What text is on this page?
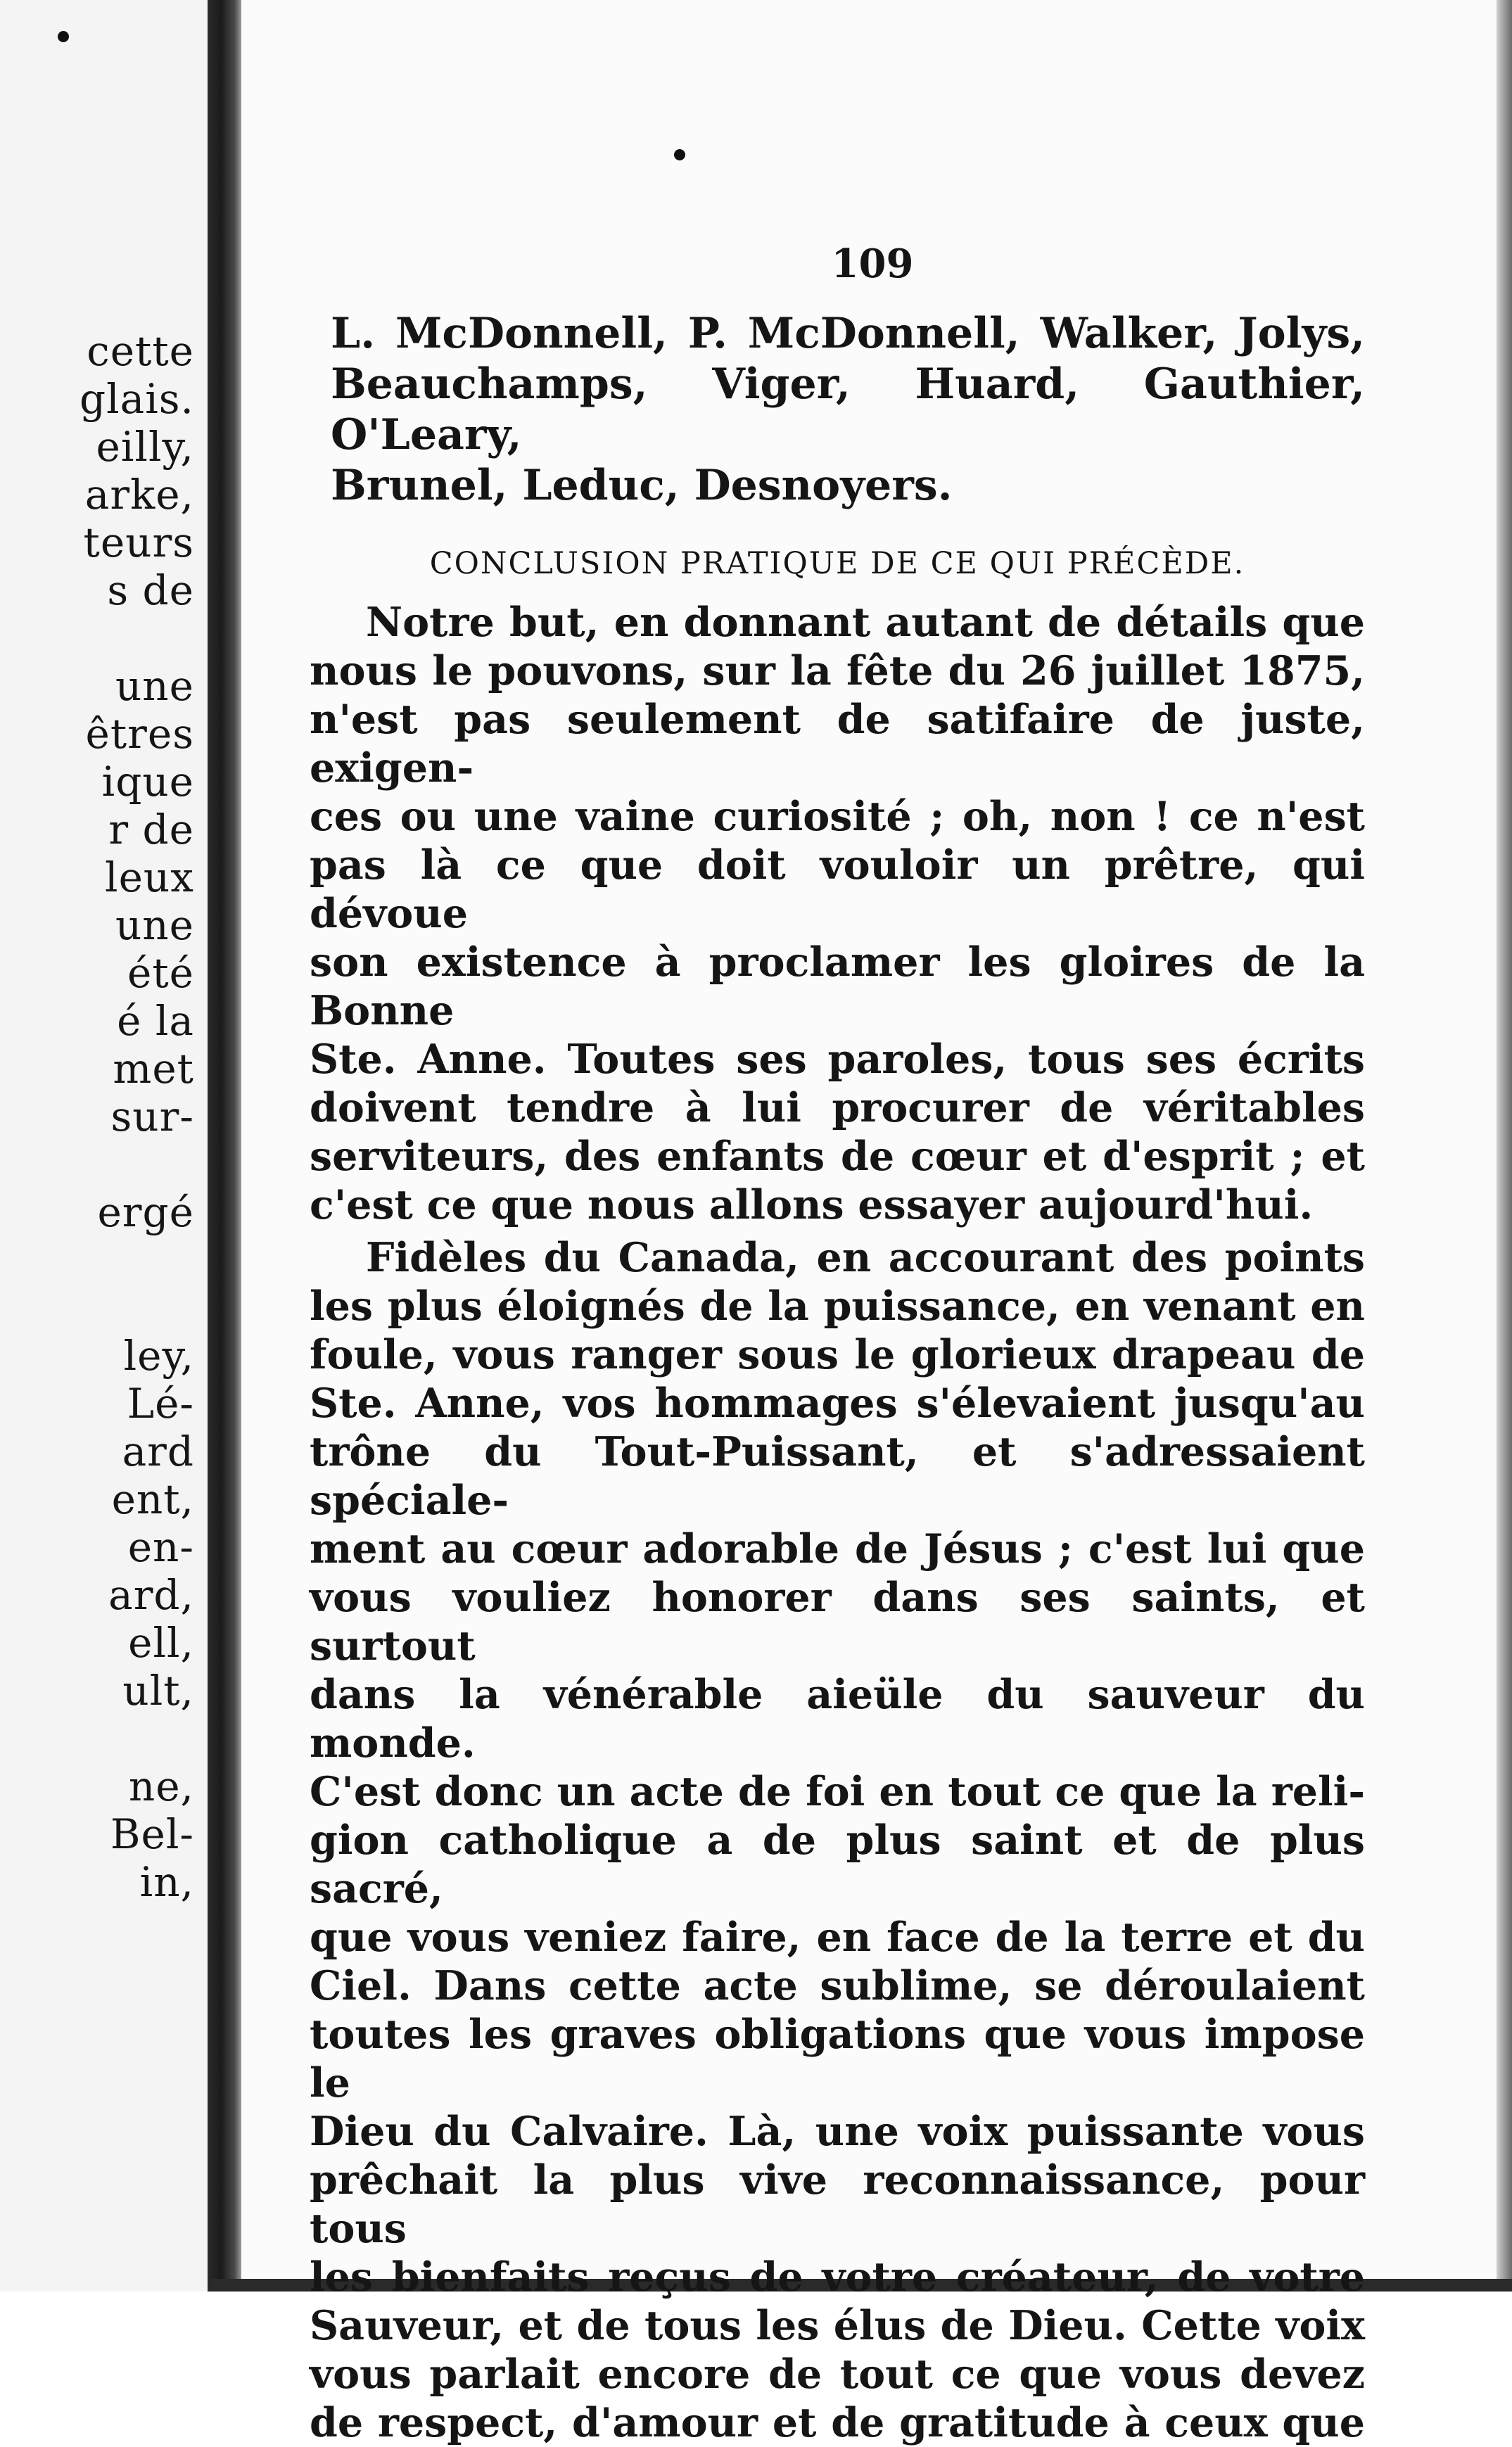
cette
glais.
eilly,
arke,
teurs
s de
une
êtres
ique
r de
leux
une
été
é la
met
sur-
ergé
ley,
Lé-
ard
ent,
en-
ard,
ell,
ult,
ne,
Bel-
in,
109
L. McDonnell, P. McDonnell, Walker, Jolys,
Beauchamps, Viger, Huard, Gauthier, O'Leary,
Brunel, Leduc, Desnoyers.
CONCLUSION PRATIQUE DE CE QUI PRÉCÈDE.
Notre but, en donnant autant de détails que
nous le pouvons, sur la fête du 26 juillet 1875,
n'est pas seulement de satifaire de juste, exigen-
ces ou une vaine curiosité ; oh, non ! ce n'est
pas là ce que doit vouloir un prêtre, qui dévoue
son existence à proclamer les gloires de la Bonne
Ste. Anne. Toutes ses paroles, tous ses écrits
doivent tendre à lui procurer de véritables
serviteurs, des enfants de cœur et d'esprit ; et
c'est ce que nous allons essayer aujourd'hui.
Fidèles du Canada, en accourant des points
les plus éloignés de la puissance, en venant en
foule, vous ranger sous le glorieux drapeau de
Ste. Anne, vos hommages s'élevaient jusqu'au
trône du Tout-Puissant, et s'adressaient spéciale-
ment au cœur adorable de Jésus ; c'est lui que
vous vouliez honorer dans ses saints, et surtout
dans la vénérable aieüle du sauveur du monde.
C'est donc un acte de foi en tout ce que la reli-
gion catholique a de plus saint et de plus sacré,
que vous veniez faire, en face de la terre et du
Ciel. Dans cette acte sublime, se déroulaient
toutes les graves obligations que vous impose le
Dieu du Calvaire. Là, une voix puissante vous
prêchait la plus vive reconnaissance, pour tous
les bienfaits reçus de votre créateur, de votre
Sauveur, et de tous les élus de Dieu. Cette voix
vous parlait encore de tout ce que vous devez
de respect, d'amour et de gratitude à ceux que
